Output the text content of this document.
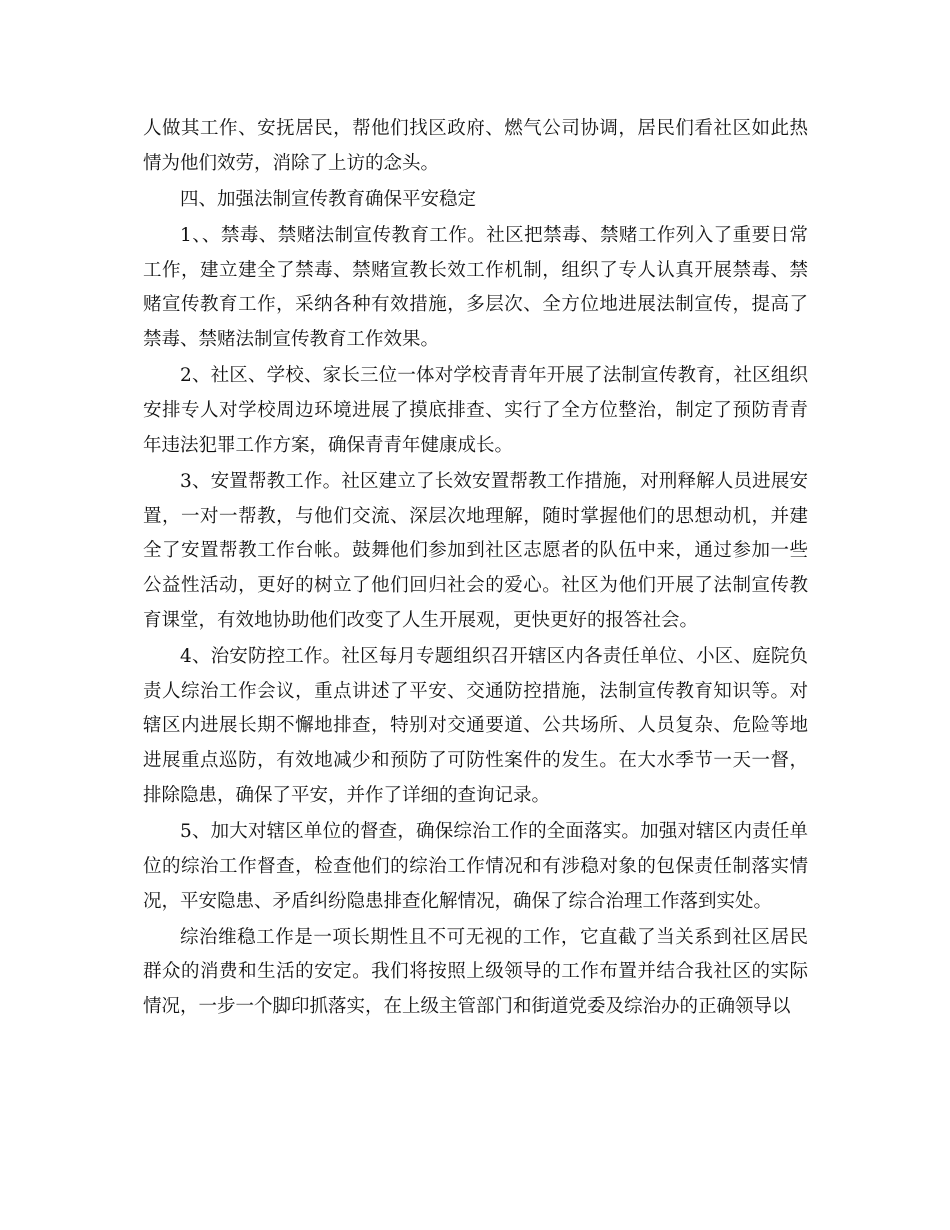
人做其工作、安抚居民，帮他们找区政府、燃气公司协调，居民们看社区如此热情为他们效劳，消除了上访的念头。

四、加强法制宣传教育确保平安稳定

1、、禁毒、禁赌法制宣传教育工作。社区把禁毒、禁赌工作列入了重要日常工作，建立建全了禁毒、禁赌宣教长效工作机制，组织了专人认真开展禁毒、禁赌宣传教育工作，采纳各种有效措施，多层次、全方位地进展法制宣传，提高了禁毒、禁赌法制宣传教育工作效果。

2、社区、学校、家长三位一体对学校青青年开展了法制宣传教育，社区组织安排专人对学校周边环境进展了摸底排查、实行了全方位整治，制定了预防青青年违法犯罪工作方案，确保青青年健康成长。

3、安置帮教工作。社区建立了长效安置帮教工作措施，对刑释解人员进展安置，一对一帮教，与他们交流、深层次地理解，随时掌握他们的思想动机，并建全了安置帮教工作台帐。鼓舞他们参加到社区志愿者的队伍中来，通过参加一些公益性活动，更好的树立了他们回归社会的爱心。社区为他们开展了法制宣传教育课堂，有效地协助他们改变了人生开展观，更快更好的报答社会。

4、治安防控工作。社区每月专题组织召开辖区内各责任单位、小区、庭院负责人综治工作会议，重点讲述了平安、交通防控措施，法制宣传教育知识等。对辖区内进展长期不懈地排查，特别对交通要道、公共场所、人员复杂、危险等地进展重点巡防，有效地减少和预防了可防性案件的发生。在大水季节一天一督，排除隐患，确保了平安，并作了详细的查询记录。

5、加大对辖区单位的督查，确保综治工作的全面落实。加强对辖区内责任单位的综治工作督查，检查他们的综治工作情况和有涉稳对象的包保责任制落实情况，平安隐患、矛盾纠纷隐患排查化解情况，确保了综合治理工作落到实处。

综治维稳工作是一项长期性且不可无视的工作，它直截了当关系到社区居民群众的消费和生活的安定。我们将按照上级领导的工作布置并结合我社区的实际情况，一步一个脚印抓落实，在上级主管部门和街道党委及综治办的正确领导以
